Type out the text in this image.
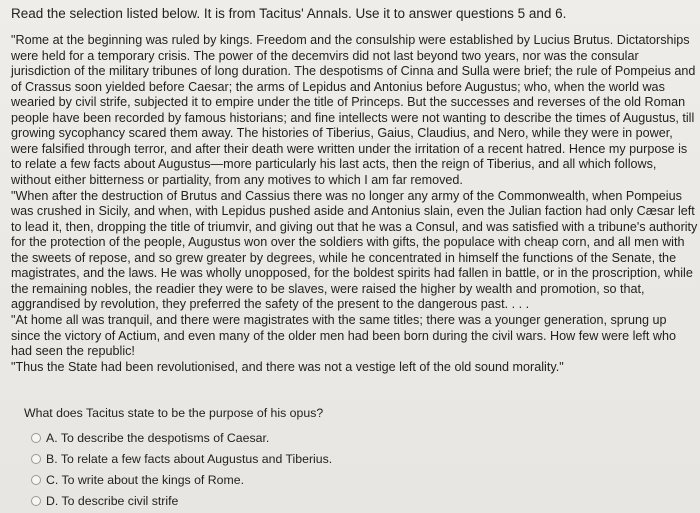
Read the selection listed below. It is from Tacitus' Annals. Use it to answer questions 5 and 6.

"Rome at the beginning was ruled by kings. Freedom and the consulship were established by Lucius Brutus. Dictatorships were held for a temporary crisis. The power of the decemvirs did not last beyond two years, nor was the consular jurisdiction of the military tribunes of long duration. The despotisms of Cinna and Sulla were brief; the rule of Pompeius and of Crassus soon yielded before Caesar; the arms of Lepidus and Antonius before Augustus; who, when the world was wearied by civil strife, subjected it to empire under the title of Princeps. But the successes and reverses of the old Roman people have been recorded by famous historians; and fine intellects were not wanting to describe the times of Augustus, till growing sycophancy scared them away. The histories of Tiberius, Gaius, Claudius, and Nero, while they were in power, were falsified through terror, and after their death were written under the irritation of a recent hatred. Hence my purpose is to relate a few facts about Augustus—more particularly his last acts, then the reign of Tiberius, and all which follows, without either bitterness or partiality, from any motives to which I am far removed.

"When after the destruction of Brutus and Cassius there was no longer any army of the Commonwealth, when Pompeius was crushed in Sicily, and when, with Lepidus pushed aside and Antonius slain, even the Julian faction had only Cæsar left to lead it, then, dropping the title of triumvir, and giving out that he was a Consul, and was satisfied with a tribune's authority for the protection of the people, Augustus won over the soldiers with gifts, the populace with cheap corn, and all men with the sweets of repose, and so grew greater by degrees, while he concentrated in himself the functions of the Senate, the magistrates, and the laws. He was wholly unopposed, for the boldest spirits had fallen in battle, or in the proscription, while the remaining nobles, the readier they were to be slaves, were raised the higher by wealth and promotion, so that, aggrandised by revolution, they preferred the safety of the present to the dangerous past. . . .

"At home all was tranquil, and there were magistrates with the same titles; there was a younger generation, sprung up since the victory of Actium, and even many of the older men had been born during the civil wars. How few were left who had seen the republic!

"Thus the State had been revolutionised, and there was not a vestige left of the old sound morality."

What does Tacitus state to be the purpose of his opus?
A. To describe the despotisms of Caesar.
B. To relate a few facts about Augustus and Tiberius.
C. To write about the kings of Rome.
D. To describe civil strife
